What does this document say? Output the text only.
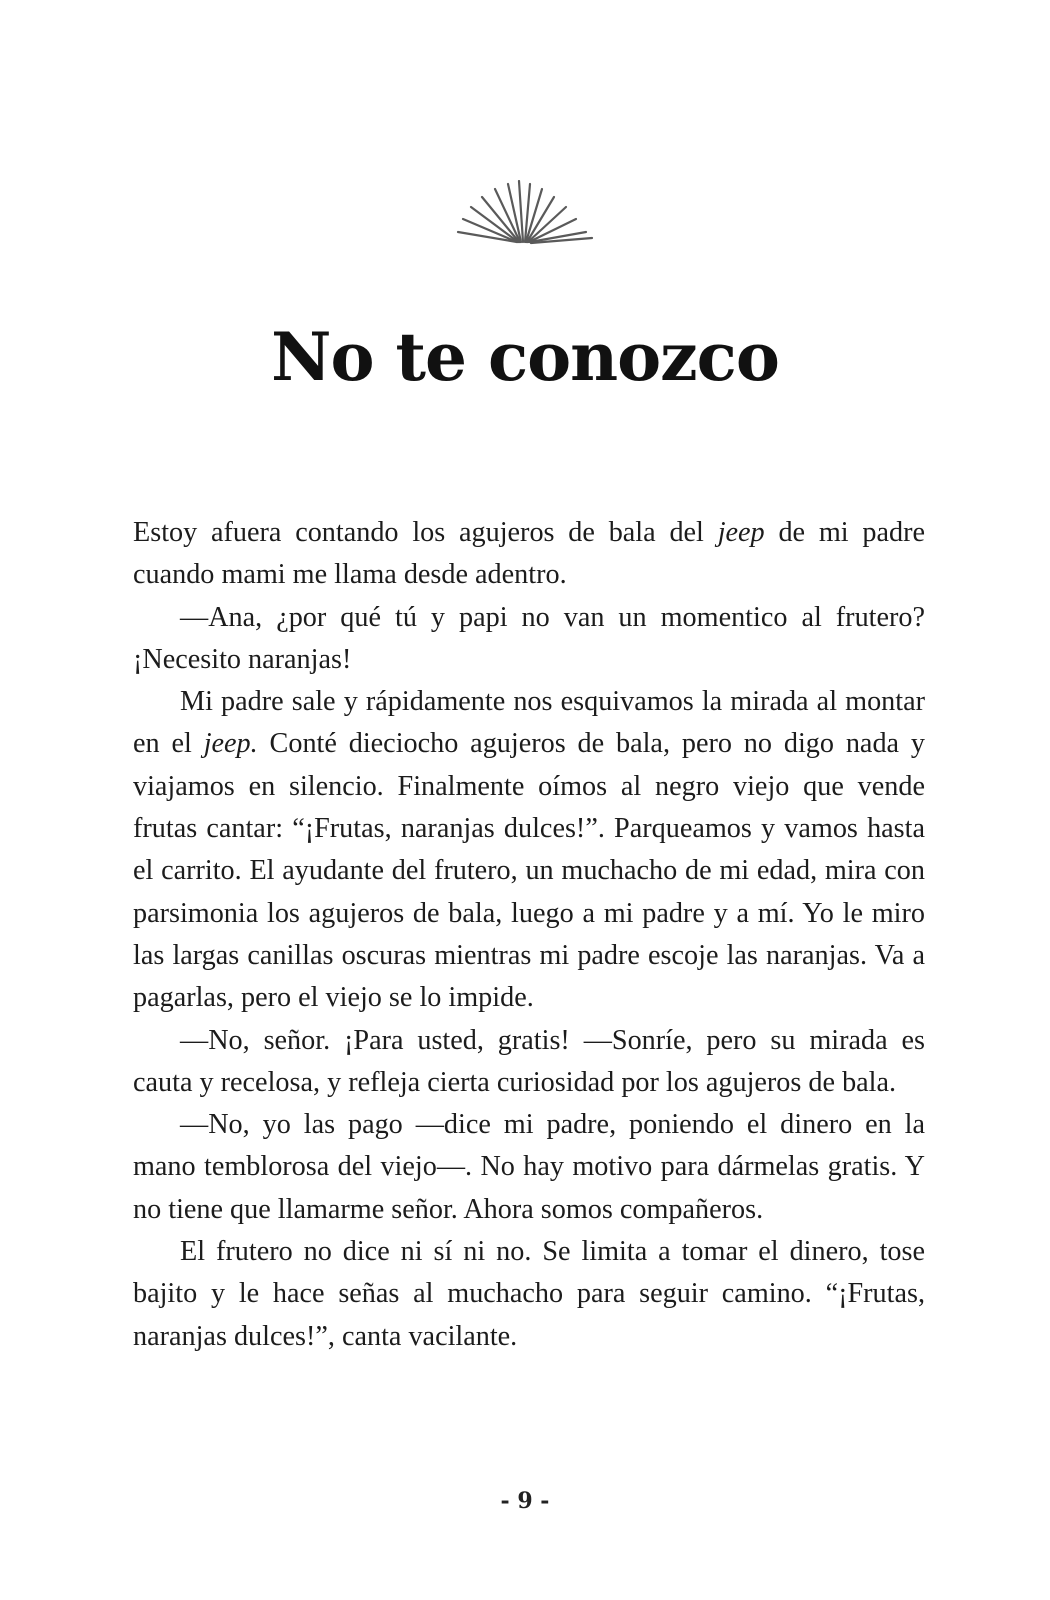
No te conozco

Estoy afuera contando los agujeros de bala del jeep de mi padre cuando mami me llama desde adentro.

—Ana, ¿por qué tú y papi no van un momentico al frutero? ¡Necesito naranjas!

Mi padre sale y rápidamente nos esquivamos la mirada al montar en el jeep. Conté dieciocho agujeros de bala, pero no digo nada y viajamos en silencio. Finalmente oímos al negro viejo que vende frutas cantar: “¡Frutas, naranjas dulces!”. Parqueamos y vamos hasta el carrito. El ayudante del frutero, un muchacho de mi edad, mira con parsimonia los agujeros de bala, luego a mi padre y a mí. Yo le miro las largas canillas oscuras mientras mi padre escoje las naranjas. Va a pagarlas, pero el viejo se lo impide.

—No, señor. ¡Para usted, gratis! —Sonríe, pero su mirada es cauta y recelosa, y refleja cierta curiosidad por los agujeros de bala.

—No, yo las pago —dice mi padre, poniendo el dinero en la mano temblorosa del viejo—. No hay motivo para dármelas gratis. Y no tiene que llamarme señor. Ahora somos compañeros.

El frutero no dice ni sí ni no. Se limita a tomar el dinero, tose bajito y le hace señas al muchacho para seguir camino. “¡Frutas, naranjas dulces!”, canta vacilante.

- 9 -
